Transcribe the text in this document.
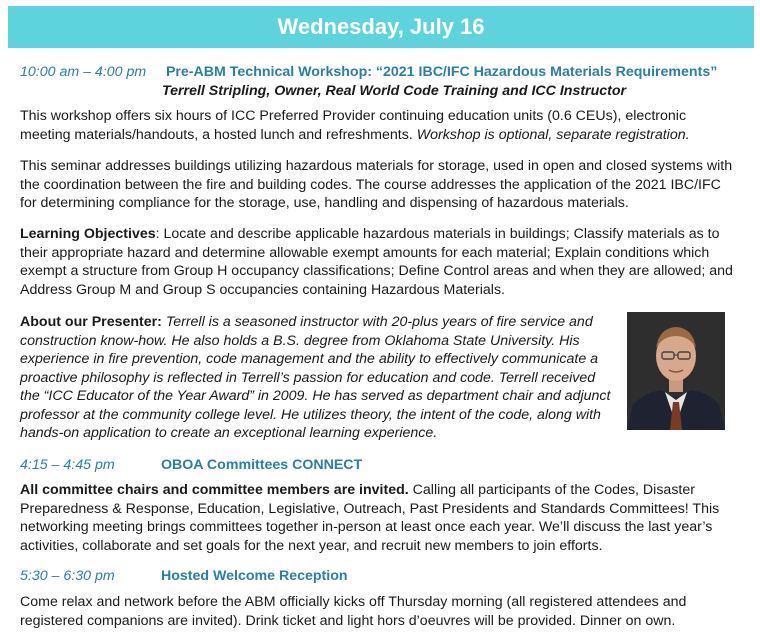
Wednesday, July 16
10:00 am – 4:00 pm Pre-ABM Technical Workshop: “2021 IBC/IFC Hazardous Materials Requirements”
Terrell Stripling, Owner, Real World Code Training and ICC Instructor
This workshop offers six hours of ICC Preferred Provider continuing education units (0.6 CEUs), electronic meeting materials/handouts, a hosted lunch and refreshments. Workshop is optional, separate registration.
This seminar addresses buildings utilizing hazardous materials for storage, used in open and closed systems with the coordination between the fire and building codes. The course addresses the application of the 2021 IBC/IFC for determining compliance for the storage, use, handling and dispensing of hazardous materials.
Learning Objectives: Locate and describe applicable hazardous materials in buildings; Classify materials as to their appropriate hazard and determine allowable exempt amounts for each material; Explain conditions which exempt a structure from Group H occupancy classifications; Define Control areas and when they are allowed; and Address Group M and Group S occupancies containing Hazardous Materials.
About our Presenter: Terrell is a seasoned instructor with 20-plus years of fire service and construction know-how. He also holds a B.S. degree from Oklahoma State University. His experience in fire prevention, code management and the ability to effectively communicate a proactive philosophy is reflected in Terrell’s passion for education and code. Terrell received the “ICC Educator of the Year Award” in 2009. He has served as department chair and adjunct professor at the community college level. He utilizes theory, the intent of the code, along with hands-on application to create an exceptional learning experience.
4:15 – 4:45 pm	OBOA Committees CONNECT
All committee chairs and committee members are invited. Calling all participants of the Codes, Disaster Preparedness & Response, Education, Legislative, Outreach, Past Presidents and Standards Committees! This networking meeting brings committees together in-person at least once each year. We’ll discuss the last year’s activities, collaborate and set goals for the next year, and recruit new members to join efforts.
5:30 – 6:30 pm	Hosted Welcome Reception
Come relax and network before the ABM officially kicks off Thursday morning (all registered attendees and registered companions are invited). Drink ticket and light hors d’oeuvres will be provided. Dinner on own.
